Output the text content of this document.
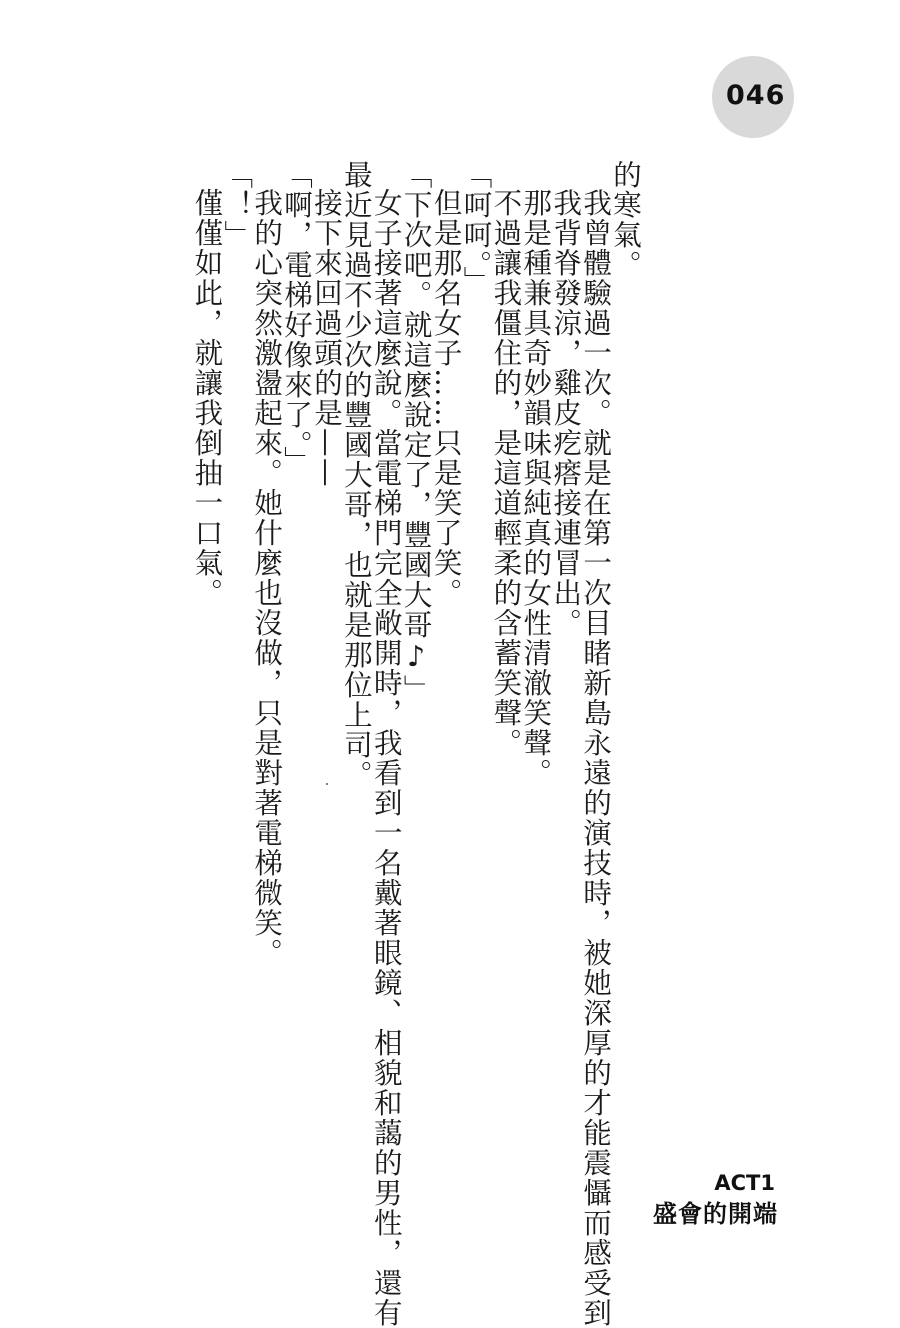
046
的寒氣。
我曾體驗過一次。就是在第一次目睹新島永遠的演技時，被她深厚的才能震懾而感受到
我背脊發涼，雞皮疙瘩接連冒出。
那是種兼具奇妙韻味與純真的女性清澈笑聲。
不過讓我僵住的，是這道輕柔的含蓄笑聲。
「呵呵。」
但是那名女子……只是笑了笑。
「下次吧。就這麼說定了，豐國大哥♪」
女子接著這麼說。當電梯門完全敞開時，我看到一名戴著眼鏡、相貌和藹的男性，還有
最近見過不少次的豐國大哥，也就是那位上司。
接下來回過頭的是——
「啊，電梯好像來了。」
我的心突然激盪起來。她什麼也沒做，只是對著電梯微笑。
「！」
僅僅如此，就讓我倒抽一口氣。
ACT1
盛會的開端
